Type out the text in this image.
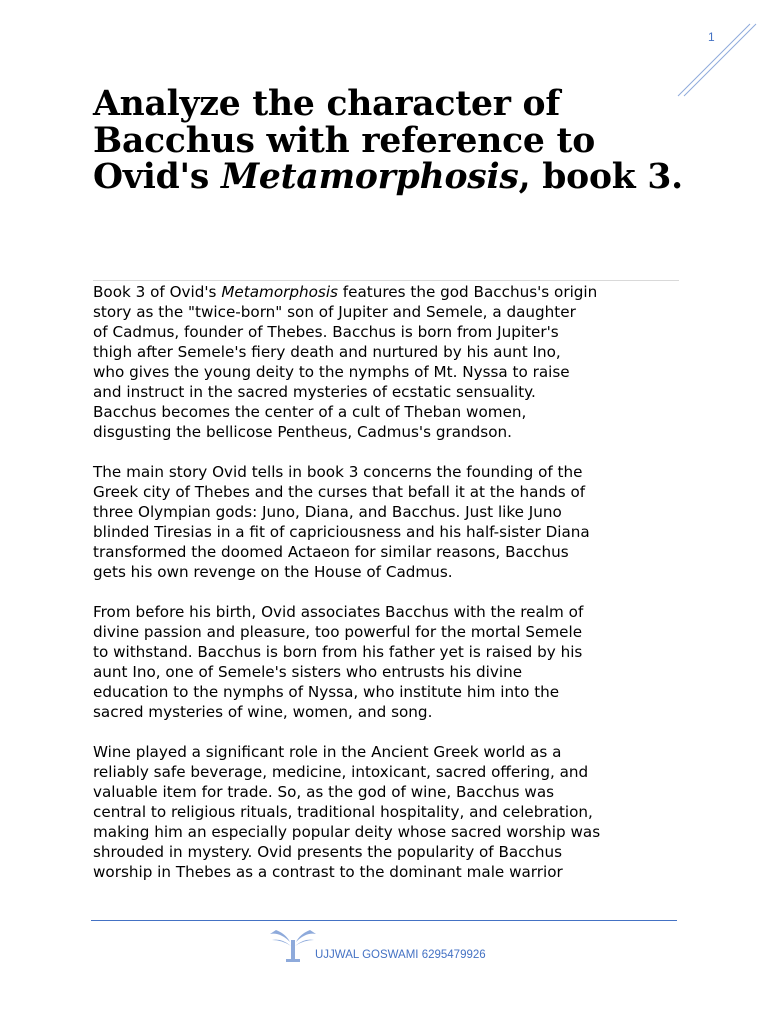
1
Analyze the character of Bacchus with reference to Ovid's Metamorphosis, book 3.

Book 3 of Ovid's Metamorphosis features the god Bacchus's origin
story as the "twice-born" son of Jupiter and Semele, a daughter
of Cadmus, founder of Thebes. Bacchus is born from Jupiter's
thigh after Semele's fiery death and nurtured by his aunt Ino,
who gives the young deity to the nymphs of Mt. Nyssa to raise
and instruct in the sacred mysteries of ecstatic sensuality.
Bacchus becomes the center of a cult of Theban women,
disgusting the bellicose Pentheus, Cadmus's grandson.

The main story Ovid tells in book 3 concerns the founding of the
Greek city of Thebes and the curses that befall it at the hands of
three Olympian gods: Juno, Diana, and Bacchus. Just like Juno
blinded Tiresias in a fit of capriciousness and his half-sister Diana
transformed the doomed Actaeon for similar reasons, Bacchus
gets his own revenge on the House of Cadmus.

From before his birth, Ovid associates Bacchus with the realm of
divine passion and pleasure, too powerful for the mortal Semele
to withstand. Bacchus is born from his father yet is raised by his
aunt Ino, one of Semele's sisters who entrusts his divine
education to the nymphs of Nyssa, who institute him into the
sacred mysteries of wine, women, and song.

Wine played a significant role in the Ancient Greek world as a
reliably safe beverage, medicine, intoxicant, sacred offering, and
valuable item for trade. So, as the god of wine, Bacchus was
central to religious rituals, traditional hospitality, and celebration,
making him an especially popular deity whose sacred worship was
shrouded in mystery. Ovid presents the popularity of Bacchus
worship in Thebes as a contrast to the dominant male warrior

UJJWAL GOSWAMI 6295479926
